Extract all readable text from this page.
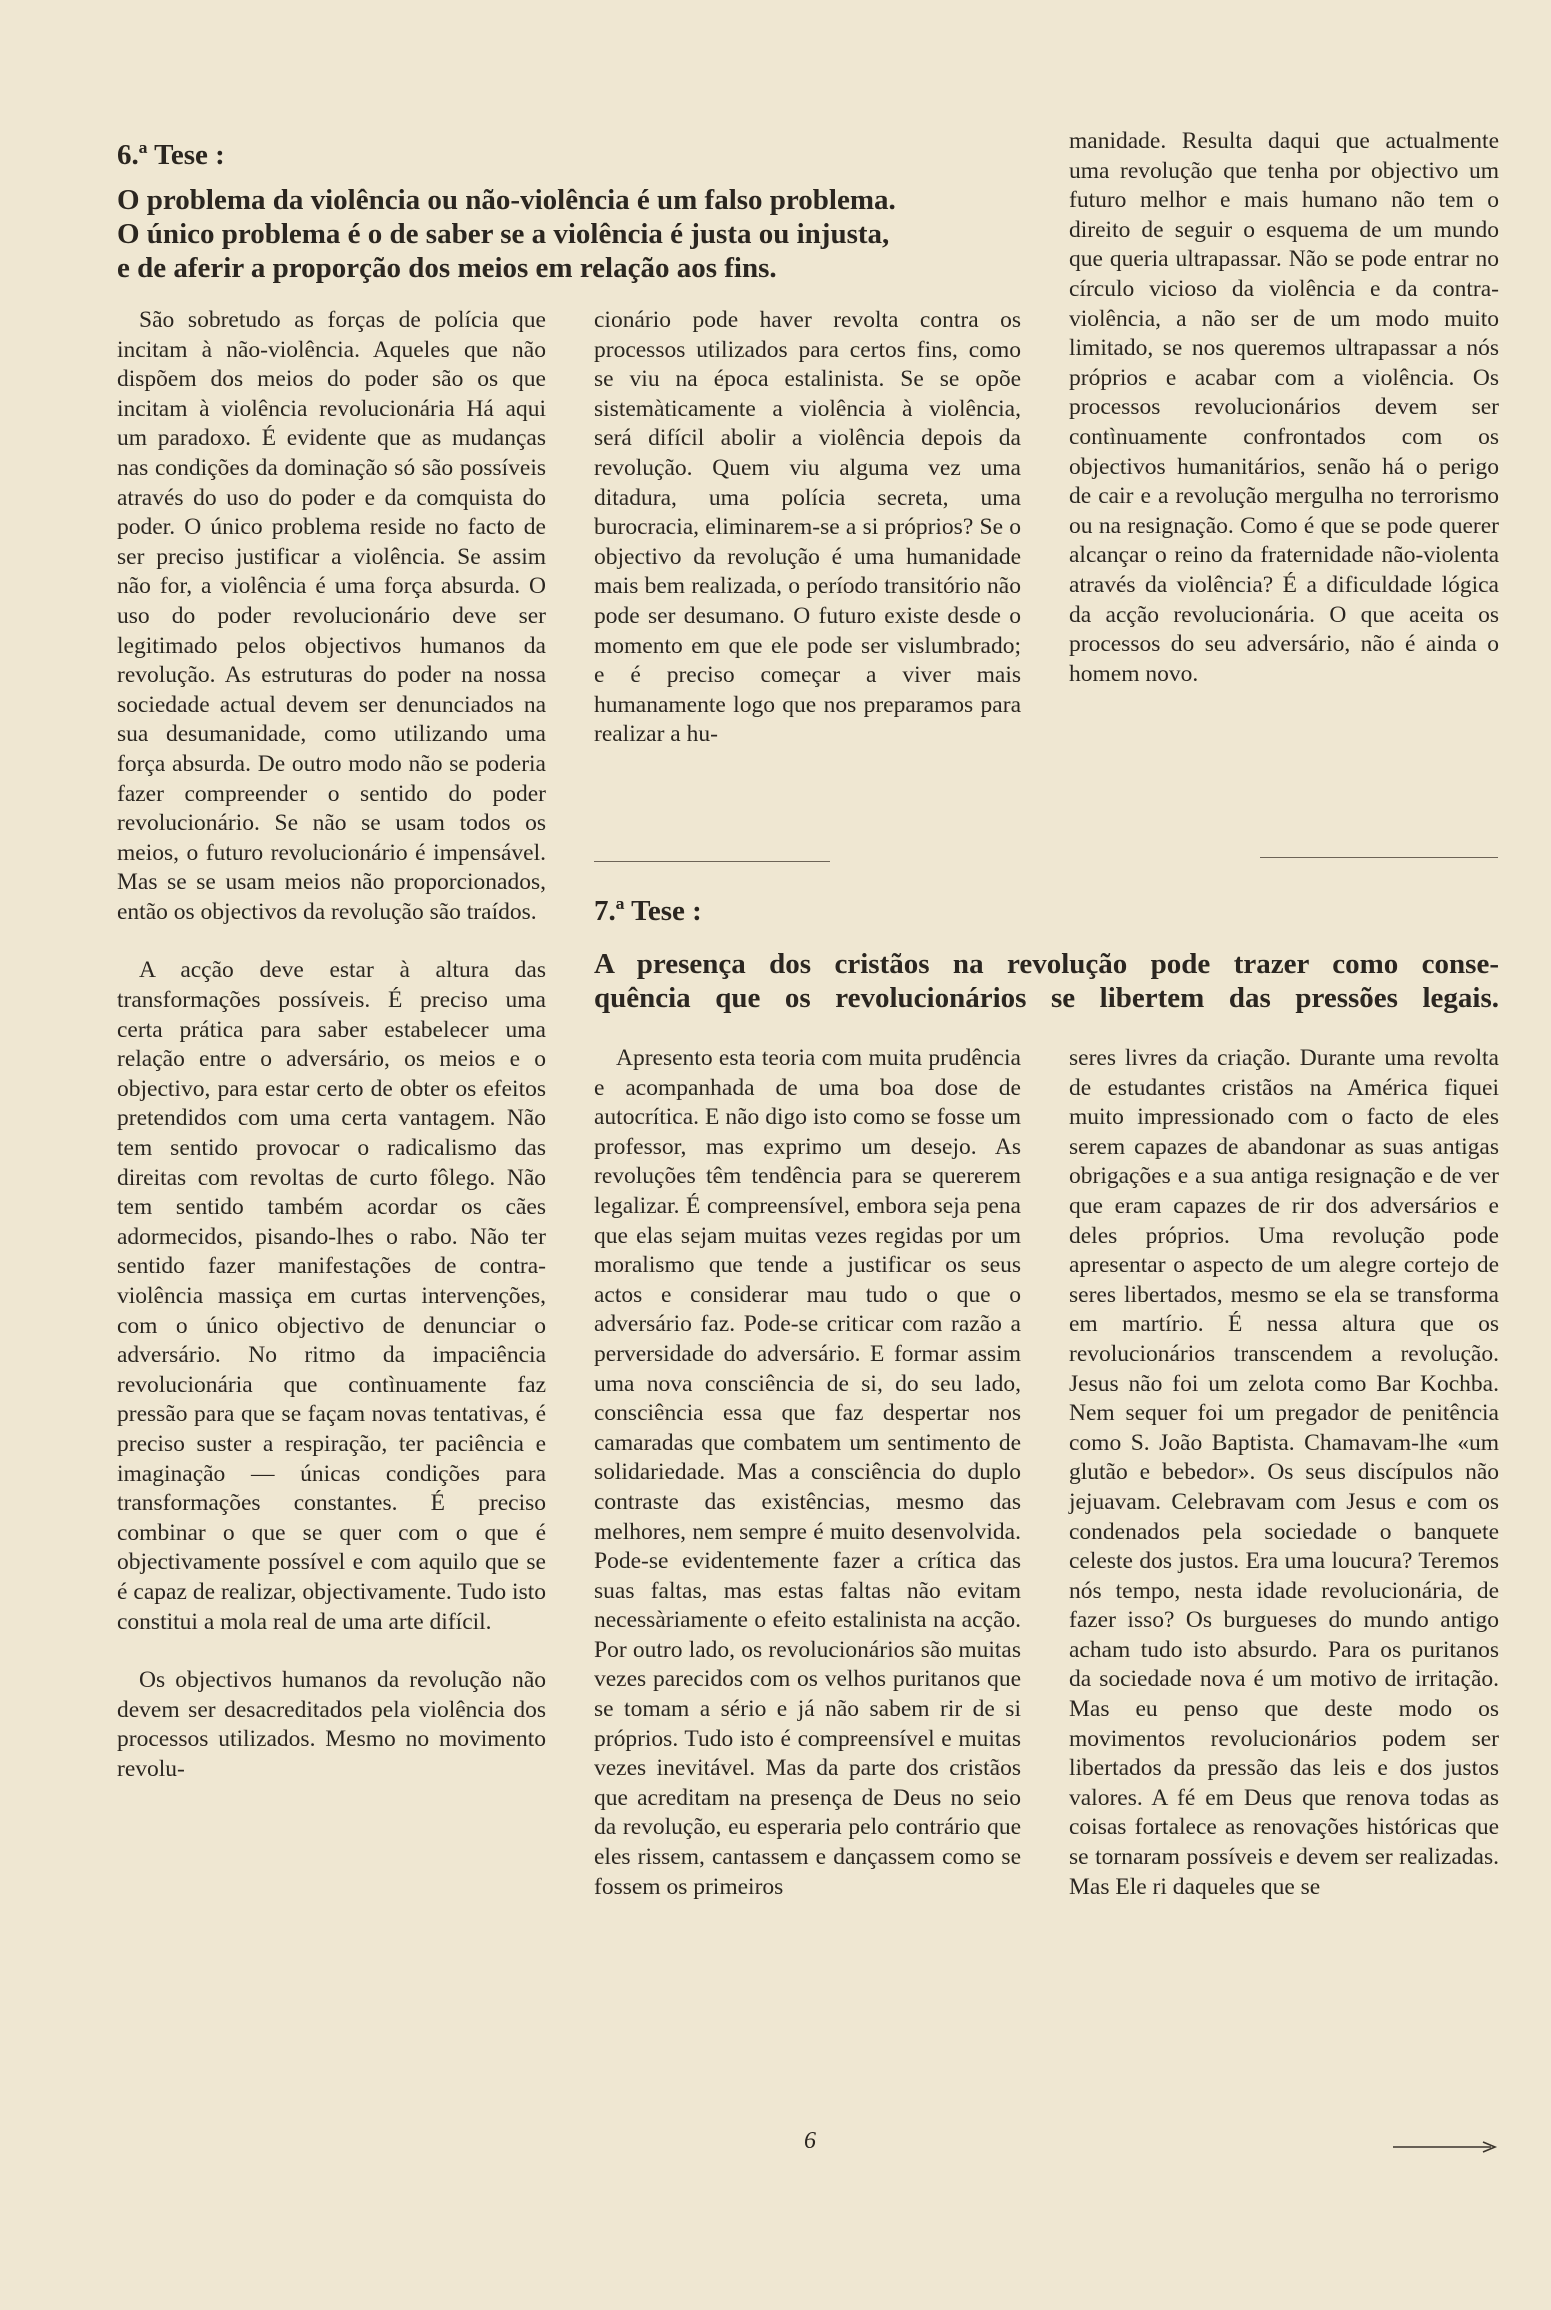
6.ª Tese :
O problema da violência ou não-violência é um falso problema.
O único problema é o de saber se a violência é justa ou injusta,
e de aferir a proporção dos meios em relação aos fins.

São sobretudo as forças de polícia que incitam à não-violência. Aqueles que não dispõem dos meios do poder são os que incitam à violência revolucionária Há aqui um paradoxo. É evidente que as mudanças nas condições da dominação só são possíveis através do uso do poder e da comquista do poder. O único problema reside no facto de ser preciso justificar a violência. Se assim não for, a violência é uma força absurda. O uso do poder revolucionário deve ser legitimado pelos objectivos humanos da revolução. As estruturas do poder na nossa sociedade actual devem ser denunciados na sua desumanidade, como utilizando uma força absurda. De outro modo não se poderia fazer compreender o sentido do poder revolucionário. Se não se usam todos os meios, o futuro revolucionário é impensável. Mas se se usam meios não proporcionados, então os objectivos da revolução são traídos.

A acção deve estar à altura das transformações possíveis. É preciso uma certa prática para saber estabelecer uma relação entre o adversário, os meios e o objectivo, para estar certo de obter os efeitos pretendidos com uma certa vantagem. Não tem sentido provocar o radicalismo das direitas com revoltas de curto fôlego. Não tem sentido também acordar os cães adormecidos, pisando-lhes o rabo. Não ter sentido fazer manifestações de contra-violência massiça em curtas intervenções, com o único objectivo de denunciar o adversário. No ritmo da impaciência revolucionária que contìnuamente faz pressão para que se façam novas tentativas, é preciso suster a respiração, ter paciência e imaginação — únicas condições para transformações constantes. É preciso combinar o que se quer com o que é objectivamente possível e com aquilo que se é capaz de realizar, objectivamente. Tudo isto constitui a mola real de uma arte difícil.

Os objectivos humanos da revolução não devem ser desacreditados pela violência dos processos utilizados. Mesmo no movimento revolu-

cionário pode haver revolta contra os processos utilizados para certos fins, como se viu na época estalinista. Se se opõe sistemàticamente a violência à violência, será difícil abolir a violência depois da revolução. Quem viu alguma vez uma ditadura, uma polícia secreta, uma burocracia, eliminarem-se a si próprios? Se o objectivo da revolução é uma humanidade mais bem realizada, o período transitório não pode ser desumano. O futuro existe desde o momento em que ele pode ser vislumbrado; e é preciso começar a viver mais humanamente logo que nos preparamos para realizar a hu-

manidade. Resulta daqui que actualmente uma revolução que tenha por objectivo um futuro melhor e mais humano não tem o direito de seguir o esquema de um mundo que queria ultrapassar. Não se pode entrar no círculo vicioso da violência e da contra-violência, a não ser de um modo muito limitado, se nos queremos ultrapassar a nós próprios e acabar com a violência. Os processos revolucionários devem ser contìnuamente confrontados com os objectivos humanitários, senão há o perigo de cair e a revolução mergulha no terrorismo ou na resignação. Como é que se pode querer alcançar o reino da fraternidade não-violenta através da violência? É a dificuldade lógica da acção revolucionária. O que aceita os processos do seu adversário, não é ainda o homem novo.

7.ª Tese :
A presença dos cristãos na revolução pode trazer como conse-
quência que os revolucionários se libertem das pressões legais.

Apresento esta teoria com muita prudência e acompanhada de uma boa dose de autocrítica. E não digo isto como se fosse um professor, mas exprimo um desejo. As revoluções têm tendência para se quererem legalizar. É compreensível, embora seja pena que elas sejam muitas vezes regidas por um moralismo que tende a justificar os seus actos e considerar mau tudo o que o adversário faz. Pode-se criticar com razão a perversidade do adversário. E formar assim uma nova consciência de si, do seu lado, consciência essa que faz despertar nos camaradas que combatem um sentimento de solidariedade. Mas a consciência do duplo contraste das existências, mesmo das melhores, nem sempre é muito desenvolvida. Pode-se evidentemente fazer a crítica das suas faltas, mas estas faltas não evitam necessàriamente o efeito estalinista na acção. Por outro lado, os revolucionários são muitas vezes parecidos com os velhos puritanos que se tomam a sério e já não sabem rir de si próprios. Tudo isto é compreensível e muitas vezes inevitável. Mas da parte dos cristãos que acreditam na presença de Deus no seio da revolução, eu esperaria pelo contrário que eles rissem, cantassem e dançassem como se fossem os primeiros

seres livres da criação. Durante uma revolta de estudantes cristãos na América fiquei muito impressionado com o facto de eles serem capazes de abandonar as suas antigas obrigações e a sua antiga resignação e de ver que eram capazes de rir dos adversários e deles próprios. Uma revolução pode apresentar o aspecto de um alegre cortejo de seres libertados, mesmo se ela se transforma em martírio. É nessa altura que os revolucionários transcendem a revolução. Jesus não foi um zelota como Bar Kochba. Nem sequer foi um pregador de penitência como S. João Baptista. Chamavam-lhe «um glutão e bebedor». Os seus discípulos não jejuavam. Celebravam com Jesus e com os condenados pela sociedade o banquete celeste dos justos. Era uma loucura? Teremos nós tempo, nesta idade revolucionária, de fazer isso? Os burgueses do mundo antigo acham tudo isto absurdo. Para os puritanos da sociedade nova é um motivo de irritação. Mas eu penso que deste modo os movimentos revolucionários podem ser libertados da pressão das leis e dos justos valores. A fé em Deus que renova todas as coisas fortalece as renovações históricas que se tornaram possíveis e devem ser realizadas. Mas Ele ri daqueles que se

6
